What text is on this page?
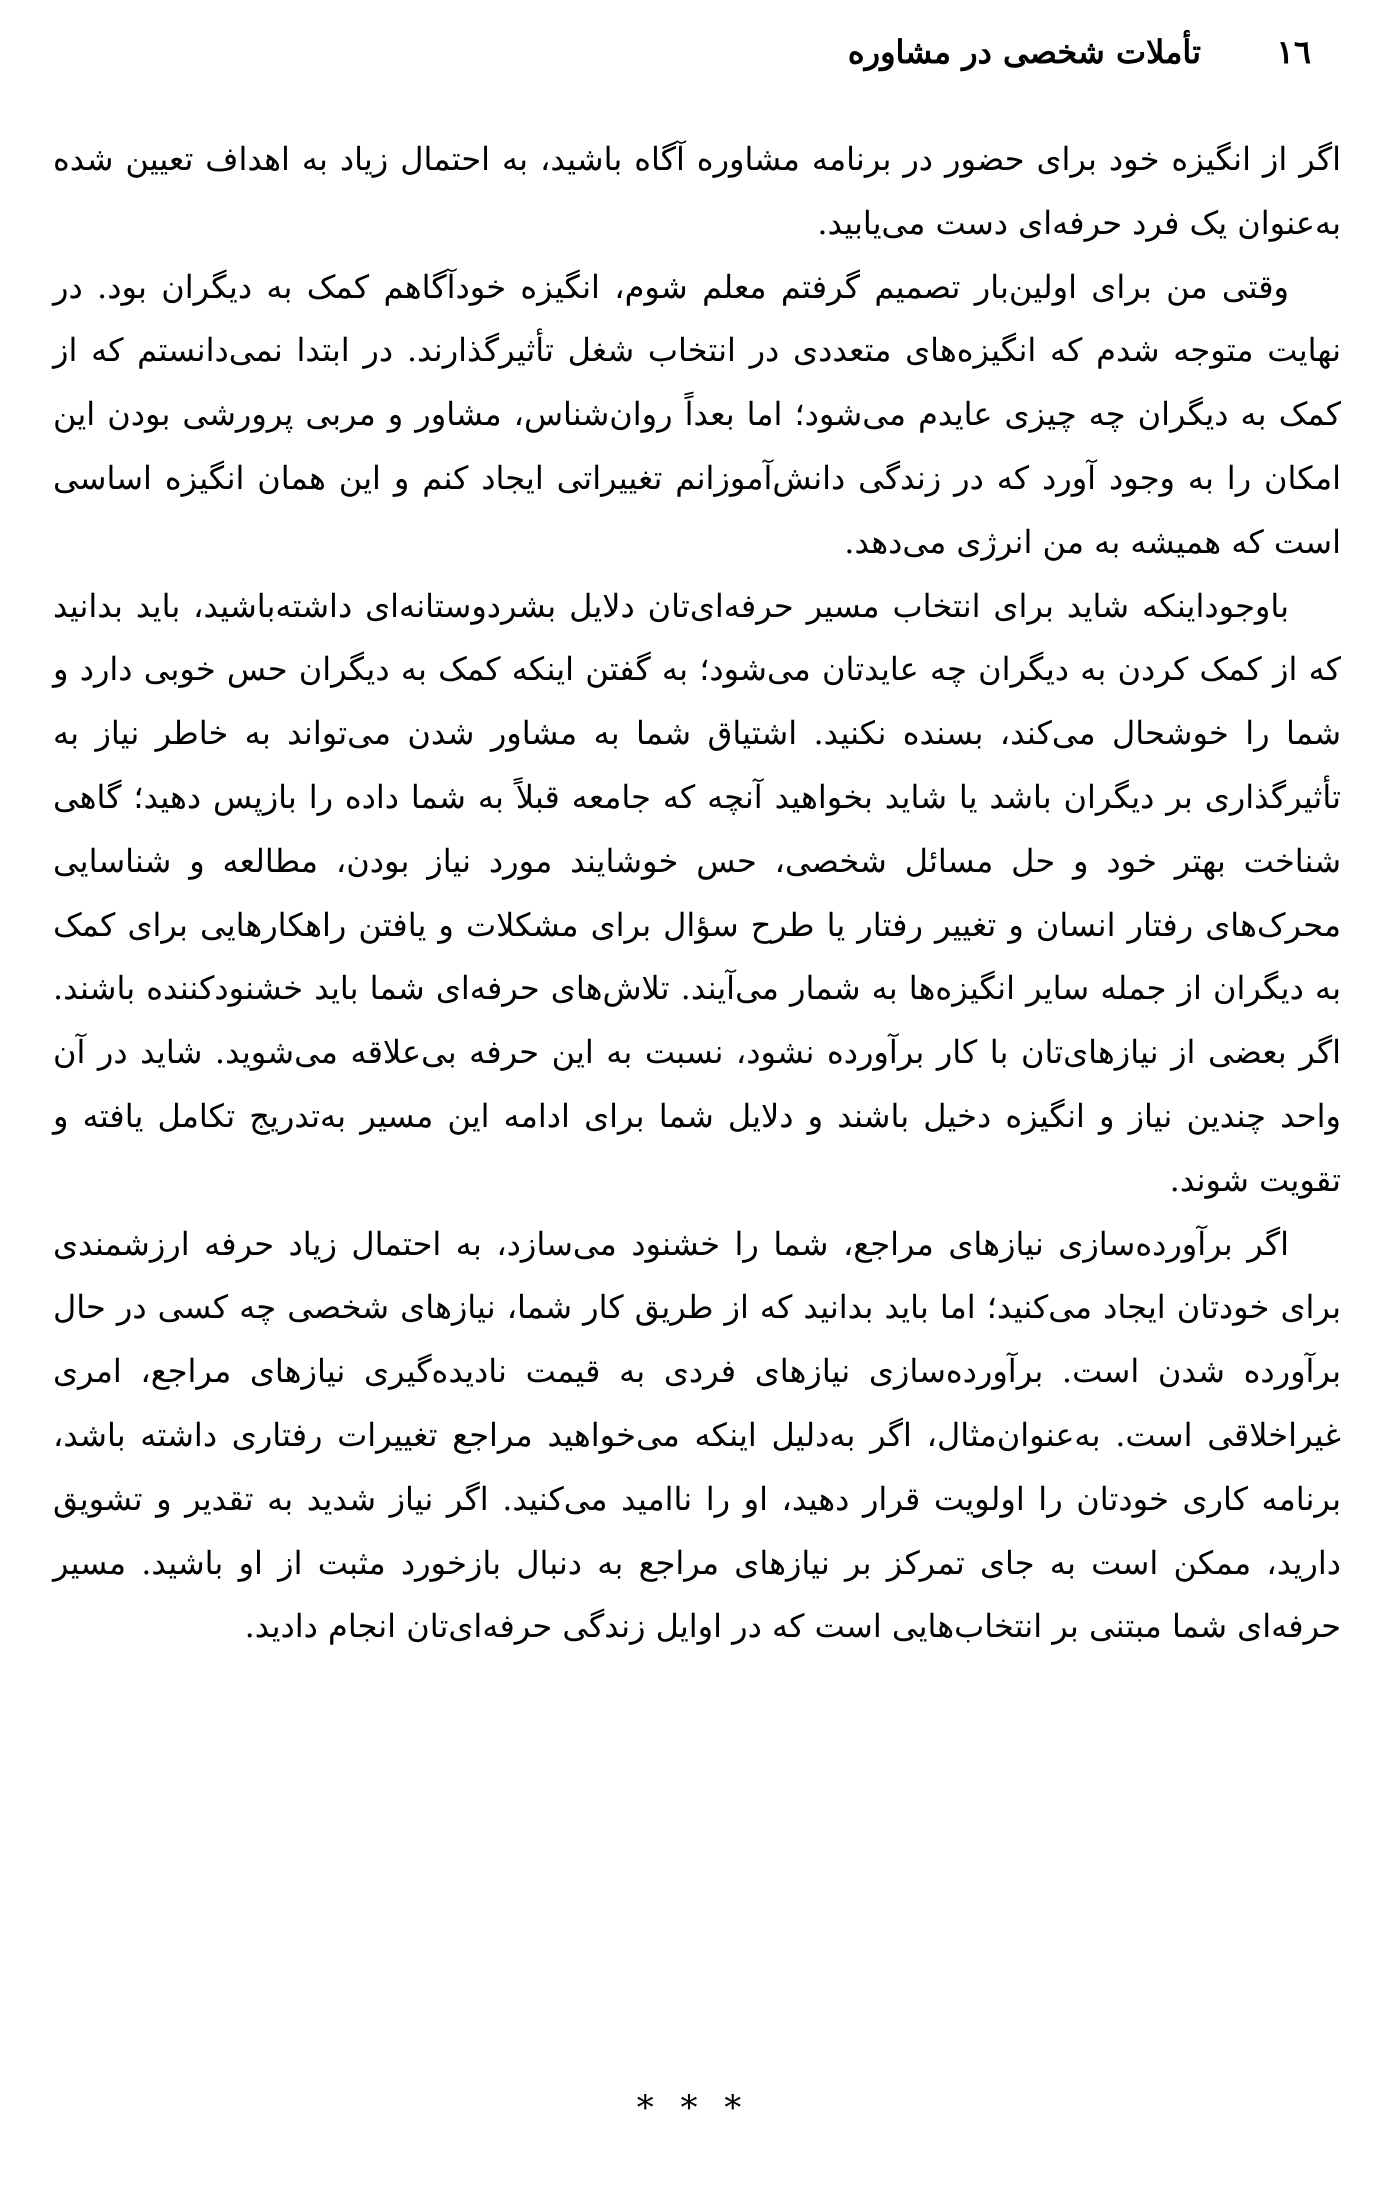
١٦
تأملات شخصی در مشاوره

اگر از انگیزه خود برای حضور در برنامه مشاوره آگاه باشید، به احتمال زیاد به اهداف تعیین شده به‌عنوان یک فرد حرفه‌ای دست می‌یابید.

وقتی من برای اولین‌بار تصمیم گرفتم معلم شوم، انگیزه خودآگاهم کمک به دیگران بود. در نهایت متوجه شدم که انگیزه‌های متعددی در انتخاب شغل تأثیرگذارند. در ابتدا نمی‌دانستم که از کمک به دیگران چه چیزی عایدم می‌شود؛ اما بعداً روان‌شناس، مشاور و مربی پرورشی بودن این امکان را به وجود آورد که در زندگی دانش‌آموزانم تغییراتی ایجاد کنم و این همان انگیزه اساسی است که همیشه به من انرژی می‌دهد.

باوجوداینکه شاید برای انتخاب مسیر حرفه‌ای‌تان دلایل بشردوستانه‌ای داشته‌باشید، باید بدانید که از کمک کردن به دیگران چه عایدتان می‌شود؛ به گفتن اینکه کمک به دیگران حس خوبی دارد و شما را خوشحال می‌کند، بسنده نکنید. اشتیاق شما به مشاور شدن می‌تواند به خاطر نیاز به تأثیرگذاری بر دیگران باشد یا شاید بخواهید آنچه که جامعه قبلاً به شما داده را بازپس دهید؛ گاهی شناخت بهتر خود و حل مسائل شخصی، حس خوشایند مورد نیاز بودن، مطالعه و شناسایی محرک‌های رفتار انسان و تغییر رفتار یا طرح سؤال برای مشکلات و یافتن راهکارهایی برای کمک به دیگران از جمله سایر انگیزه‌ها به شمار می‌آیند. تلاش‌های حرفه‌ای شما باید خشنودکننده باشند. اگر بعضی از نیازهای‌تان با کار برآورده نشود، نسبت به این حرفه بی‌علاقه می‌شوید. شاید در آن واحد چندین نیاز و انگیزه دخیل باشند و دلایل شما برای ادامه این مسیر به‌تدریج تکامل یافته و تقویت شوند.

اگر برآورده‌سازی نیازهای مراجع، شما را خشنود می‌سازد، به احتمال زیاد حرفه ارزشمندی برای خودتان ایجاد می‌کنید؛ اما باید بدانید که از طریق کار شما، نیازهای شخصی چه کسی در حال برآورده شدن است. برآورده‌سازی نیازهای فردی به قیمت نادیده‌گیری نیازهای مراجع، امری غیراخلاقی است. به‌عنوان‌مثال، اگر به‌دلیل اینکه می‌خواهید مراجع تغییرات رفتاری داشته باشد، برنامه کاری خودتان را اولویت قرار دهید، او را ناامید می‌کنید. اگر نیاز شدید به تقدیر و تشویق دارید، ممکن است به جای تمرکز بر نیازهای مراجع به دنبال بازخورد مثبت از او باشید. مسیر حرفه‌ای شما مبتنی بر انتخاب‌هایی است که در اوایل زندگی حرفه‌ای‌تان انجام دادید.

* * *
